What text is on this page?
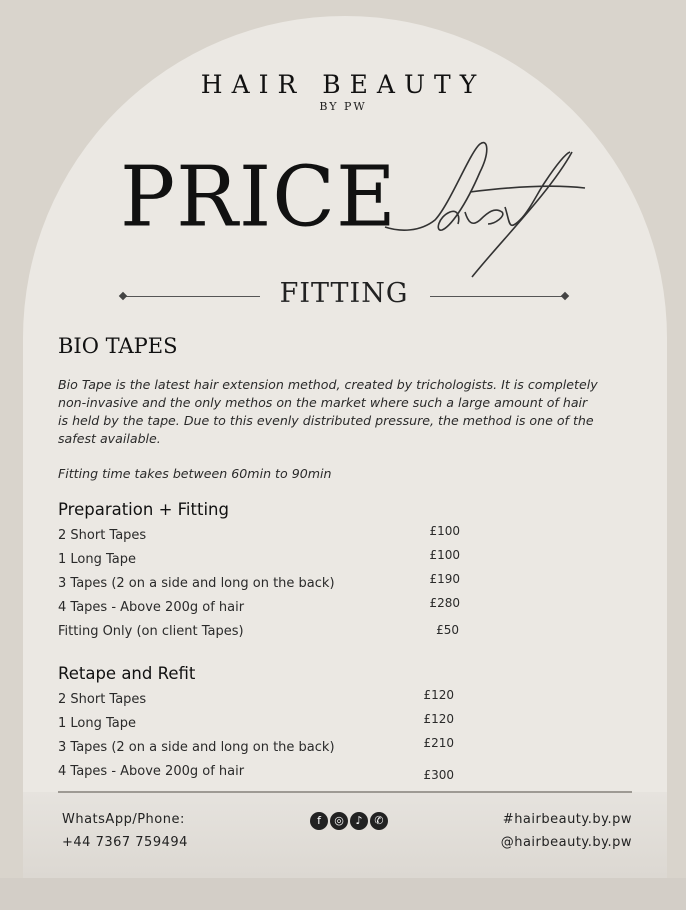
HAIR BEAUTY
BY PW
PRICE
FITTING
BIO TAPES
Bio Tape is the latest hair extension method, created by trichologists. It is completely non-invasive and the only methos on the market where such a large amount of hair is held by the tape. Due to this evenly distributed pressure, the method is one of the safest available.
Fitting time takes between 60min to 90min
Preparation + Fitting
2 Short Tapes	£100
1 Long Tape	£100
3 Tapes (2 on a side and long on the back)	£190
4 Tapes - Above 200g of hair	£280
Fitting Only (on client Tapes)	£50
Retape and Refit
2 Short Tapes	£120
1 Long Tape	£120
3 Tapes (2 on a side and long on the back)	£210
4 Tapes - Above 200g of hair	£300
WhatsApp/Phone:
+44 7367 759494
f	◎	♪	✆	#hairbeauty.by.pw
@hairbeauty.by.pw
